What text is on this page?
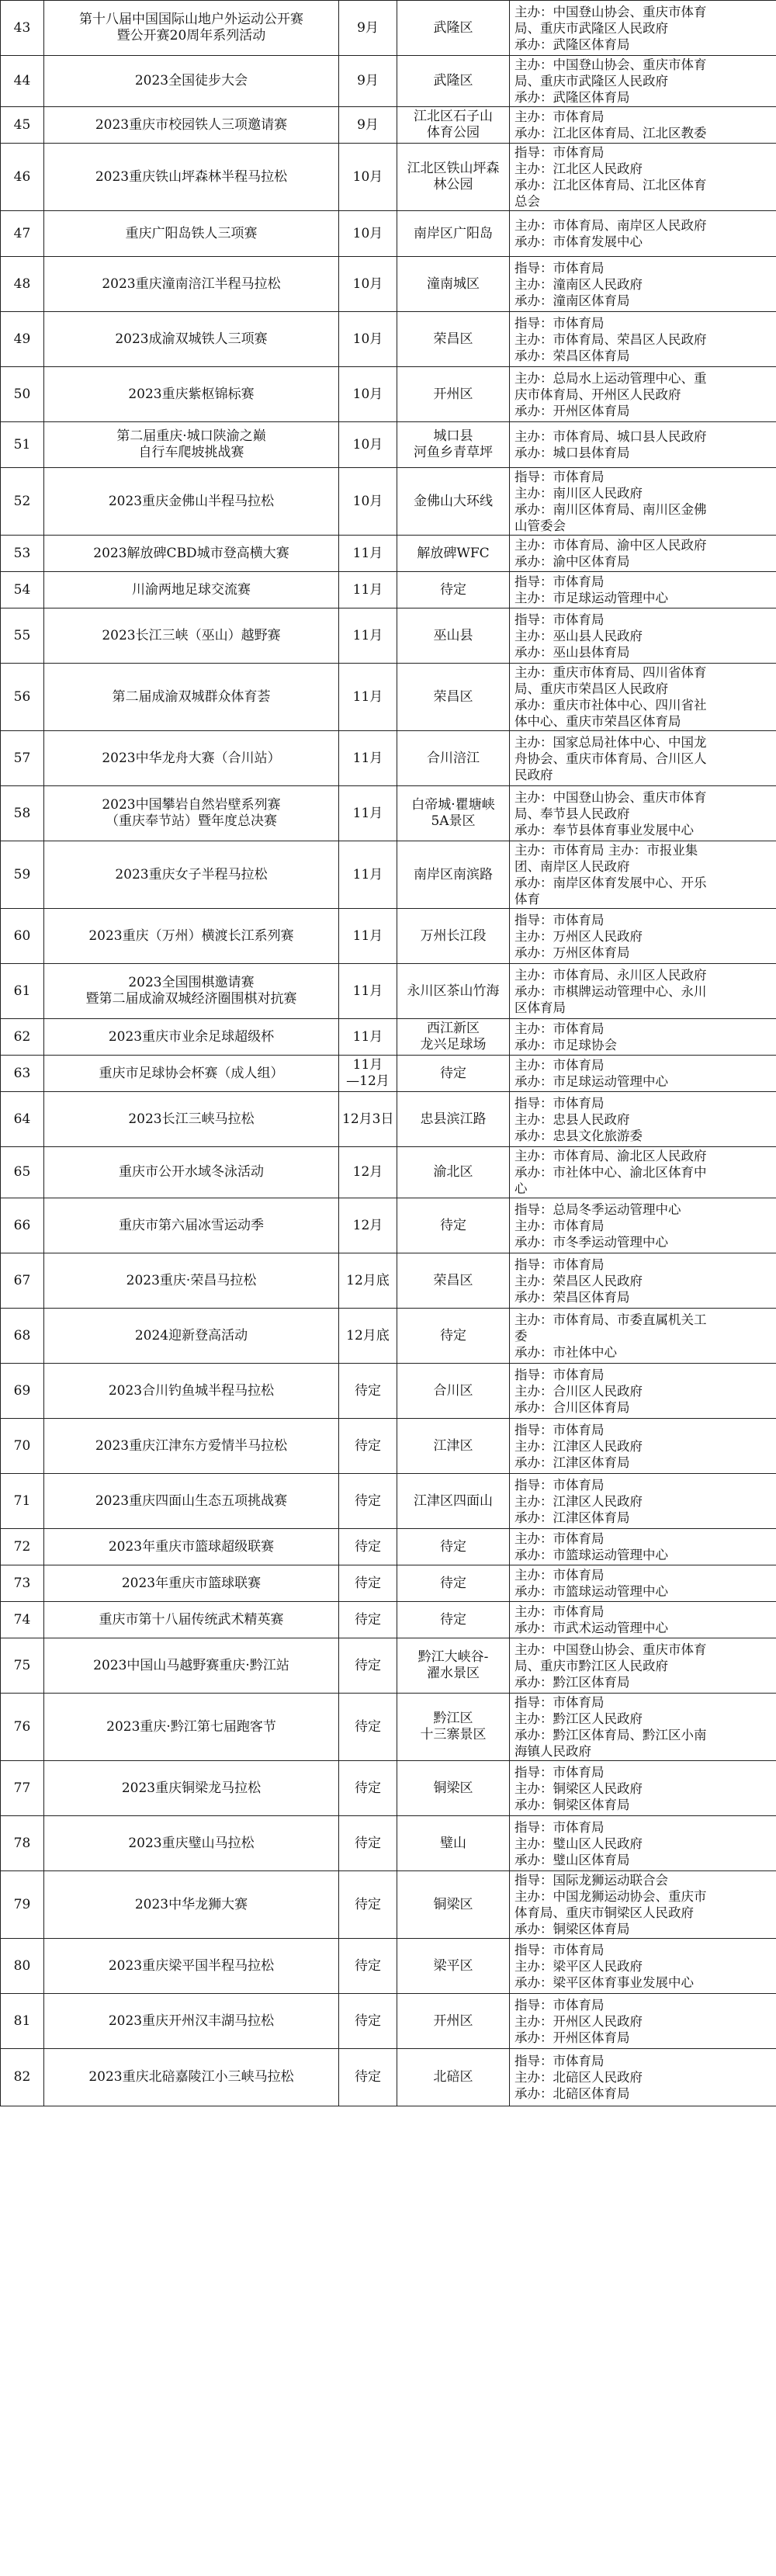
43	第十八届中国国际山地户外运动公开赛
暨公开赛20周年系列活动	9月	武隆区	主办：中国登山协会、重庆市体育
局、重庆市武隆区人民政府
承办：武隆区体育局

44	2023全国徒步大会	9月	武隆区	主办：中国登山协会、重庆市体育
局、重庆市武隆区人民政府
承办：武隆区体育局

45	2023重庆市校园铁人三项邀请赛	9月	江北区石子山
体育公园	主办：市体育局
承办：江北区体育局、江北区教委

46	2023重庆铁山坪森林半程马拉松	10月	江北区铁山坪森
林公园	指导：市体育局
主办：江北区人民政府
承办：江北区体育局、江北区体育
总会

47	重庆广阳岛铁人三项赛	10月	南岸区广阳岛	主办：市体育局、南岸区人民政府
承办：市体育发展中心

48	2023重庆潼南涪江半程马拉松	10月	潼南城区	指导：市体育局
主办：潼南区人民政府
承办：潼南区体育局

49	2023成渝双城铁人三项赛	10月	荣昌区	指导：市体育局
主办：市体育局、荣昌区人民政府
承办：荣昌区体育局

50	2023重庆紫枢锦标赛	10月	开州区	主办：总局水上运动管理中心、重
庆市体育局、开州区人民政府
承办：开州区体育局

51	第二届重庆·城口陕渝之巅
自行车爬坡挑战赛	10月	城口县
河鱼乡青草坪	主办：市体育局、城口县人民政府
承办：城口县体育局

52	2023重庆金佛山半程马拉松	10月	金佛山大环线	指导：市体育局
主办：南川区人民政府
承办：南川区体育局、南川区金佛
山管委会

53	2023解放碑CBD城市登高横大赛	11月	解放碑WFC	主办：市体育局、渝中区人民政府
承办：渝中区体育局

54	川渝两地足球交流赛	11月	待定	指导：市体育局
主办：市足球运动管理中心

55	2023长江三峡（巫山）越野赛	11月	巫山县	指导：市体育局
主办：巫山县人民政府
承办：巫山县体育局

56	第二届成渝双城群众体育荟	11月	荣昌区	主办：重庆市体育局、四川省体育
局、重庆市荣昌区人民政府
承办：重庆市社体中心、四川省社
体中心、重庆市荣昌区体育局

57	2023中华龙舟大赛（合川站）	11月	合川涪江	主办：国家总局社体中心、中国龙
舟协会、重庆市体育局、合川区人
民政府

58	2023中国攀岩自然岩壁系列赛
（重庆奉节站）暨年度总决赛	11月	白帝城·瞿塘峡
5A景区	主办：中国登山协会、重庆市体育
局、奉节县人民政府
承办：奉节县体育事业发展中心

59	2023重庆女子半程马拉松	11月	南岸区南滨路	主办：市体育局 主办：市报业集
团、南岸区人民政府
承办：南岸区体育发展中心、开乐
体育

60	2023重庆（万州）横渡长江系列赛	11月	万州长江段	指导：市体育局
主办：万州区人民政府
承办：万州区体育局

61	2023全国围棋邀请赛
暨第二届成渝双城经济圈围棋对抗赛	11月	永川区茶山竹海	主办：市体育局、永川区人民政府
承办：市棋牌运动管理中心、永川
区体育局

62	2023重庆市业余足球超级杯	11月	西江新区
龙兴足球场	主办：市体育局
承办：市足球协会

63	重庆市足球协会杯赛（成人组）	11月
—12月	待定	主办：市体育局
承办：市足球运动管理中心

64	2023长江三峡马拉松	12月3日	忠县滨江路	指导：市体育局
主办：忠县人民政府
承办：忠县文化旅游委

65	重庆市公开水域冬泳活动	12月	渝北区	主办：市体育局、渝北区人民政府
承办：市社体中心、渝北区体育中
心

66	重庆市第六届冰雪运动季	12月	待定	指导：总局冬季运动管理中心
主办：市体育局
承办：市冬季运动管理中心

67	2023重庆·荣昌马拉松	12月底	荣昌区	指导：市体育局
主办：荣昌区人民政府
承办：荣昌区体育局

68	2024迎新登高活动	12月底	待定	主办：市体育局、市委直属机关工
委
承办：市社体中心

69	2023合川钓鱼城半程马拉松	待定	合川区	指导：市体育局
主办：合川区人民政府
承办：合川区体育局

70	2023重庆江津东方爱情半马拉松	待定	江津区	指导：市体育局
主办：江津区人民政府
承办：江津区体育局

71	2023重庆四面山生态五项挑战赛	待定	江津区四面山	指导：市体育局
主办：江津区人民政府
承办：江津区体育局

72	2023年重庆市篮球超级联赛	待定	待定	主办：市体育局
承办：市篮球运动管理中心

73	2023年重庆市篮球联赛	待定	待定	主办：市体育局
承办：市篮球运动管理中心

74	重庆市第十八届传统武术精英赛	待定	待定	主办：市体育局
承办：市武术运动管理中心

75	2023中国山马越野赛重庆·黔江站	待定	黔江大峡谷-
濯水景区	主办：中国登山协会、重庆市体育
局、重庆市黔江区人民政府
承办：黔江区体育局

76	2023重庆·黔江第七届跑客节	待定	黔江区
十三寨景区	指导：市体育局
主办：黔江区人民政府
承办：黔江区体育局、黔江区小南
海镇人民政府

77	2023重庆铜梁龙马拉松	待定	铜梁区	指导：市体育局
主办：铜梁区人民政府
承办：铜梁区体育局

78	2023重庆璧山马拉松	待定	璧山	指导：市体育局
主办：璧山区人民政府
承办：璧山区体育局

79	2023中华龙狮大赛	待定	铜梁区	指导：国际龙狮运动联合会
主办：中国龙狮运动协会、重庆市
体育局、重庆市铜梁区人民政府
承办：铜梁区体育局

80	2023重庆梁平国半程马拉松	待定	梁平区	指导：市体育局
主办：梁平区人民政府
承办：梁平区体育事业发展中心

81	2023重庆开州汉丰湖马拉松	待定	开州区	指导：市体育局
主办：开州区人民政府
承办：开州区体育局

82	2023重庆北碚嘉陵江小三峡马拉松	待定	北碚区	指导：市体育局
主办：北碚区人民政府
承办：北碚区体育局
